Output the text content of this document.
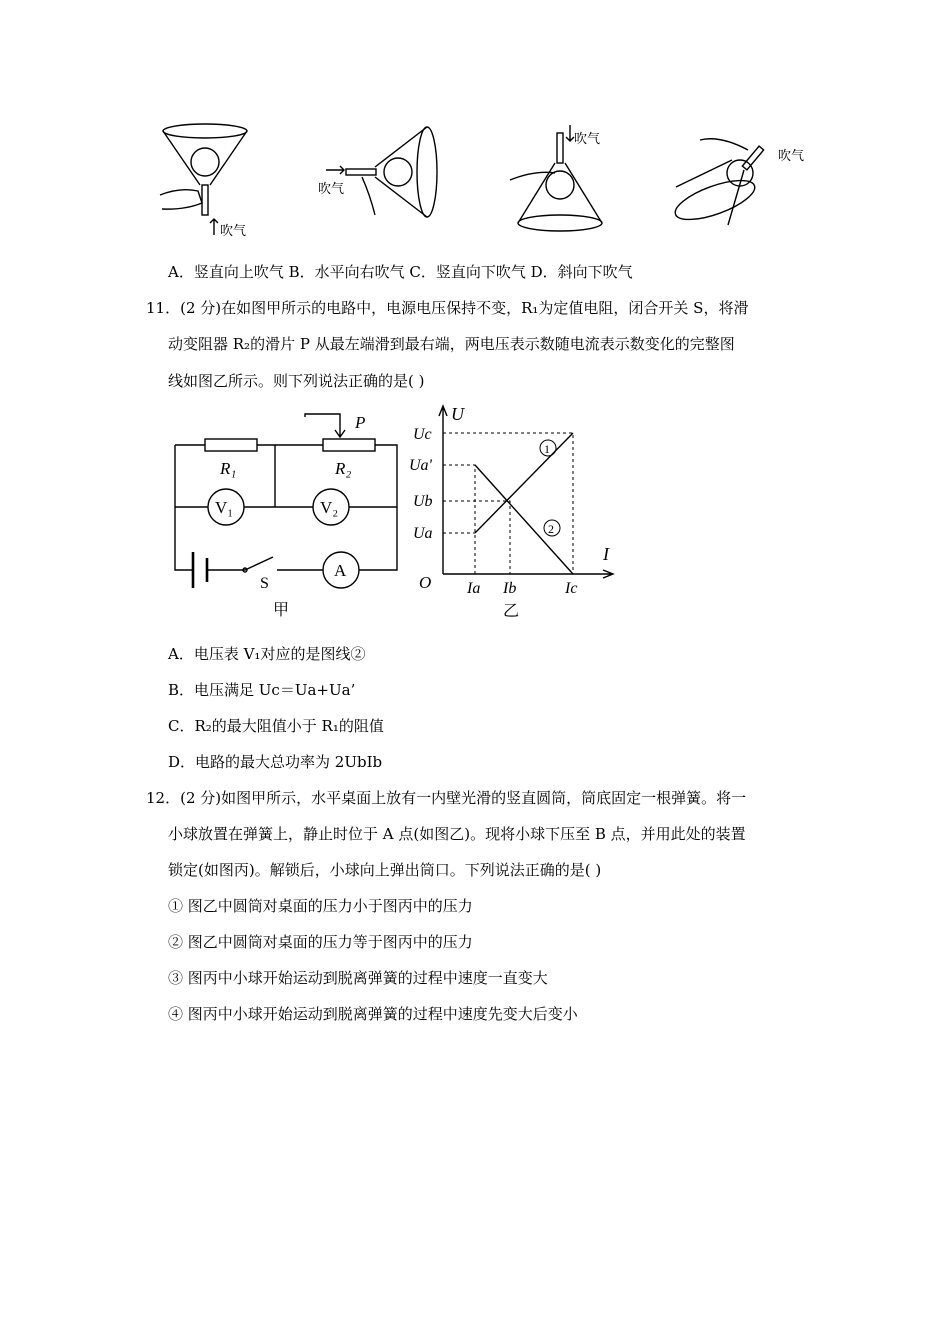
吹气
吹气
吹气
吹气
A．竖直向上吹气 B．水平向右吹气 C．竖直向下吹气 D．斜向下吹气
11．(2 分)在如图甲所示的电路中，电源电压保持不变，R₁为定值电阻，闭合开关 S，将滑
动变阻器 R₂的滑片 P 从最左端滑到最右端，两电压表示数随电流表示数变化的完整图
线如图乙所示。则下列说法正确的是( )
R₁	R₂
P
V₁	V₂
A
S
甲
U
I
O
Uc
Ua'
Ub
Ua
Ia Ib	Ic
乙
A．电压表 V₁对应的是图线②
B．电压满足 Uc＝Ua+Ua’
C．R₂的最大阻值小于 R₁的阻值
D．电路的最大总功率为 2UbIb
12．(2 分)如图甲所示，水平桌面上放有一内壁光滑的竖直圆筒，筒底固定一根弹簧。将一
小球放置在弹簧上，静止时位于 A 点(如图乙)。现将小球下压至 B 点，并用此处的装置
锁定(如图丙)。解锁后，小球向上弹出筒口。下列说法正确的是( )
① 图乙中圆筒对桌面的压力小于图丙中的压力
② 图乙中圆筒对桌面的压力等于图丙中的压力
③ 图丙中小球开始运动到脱离弹簧的过程中速度一直变大
④ 图丙中小球开始运动到脱离弹簧的过程中速度先变大后变小
1
2
